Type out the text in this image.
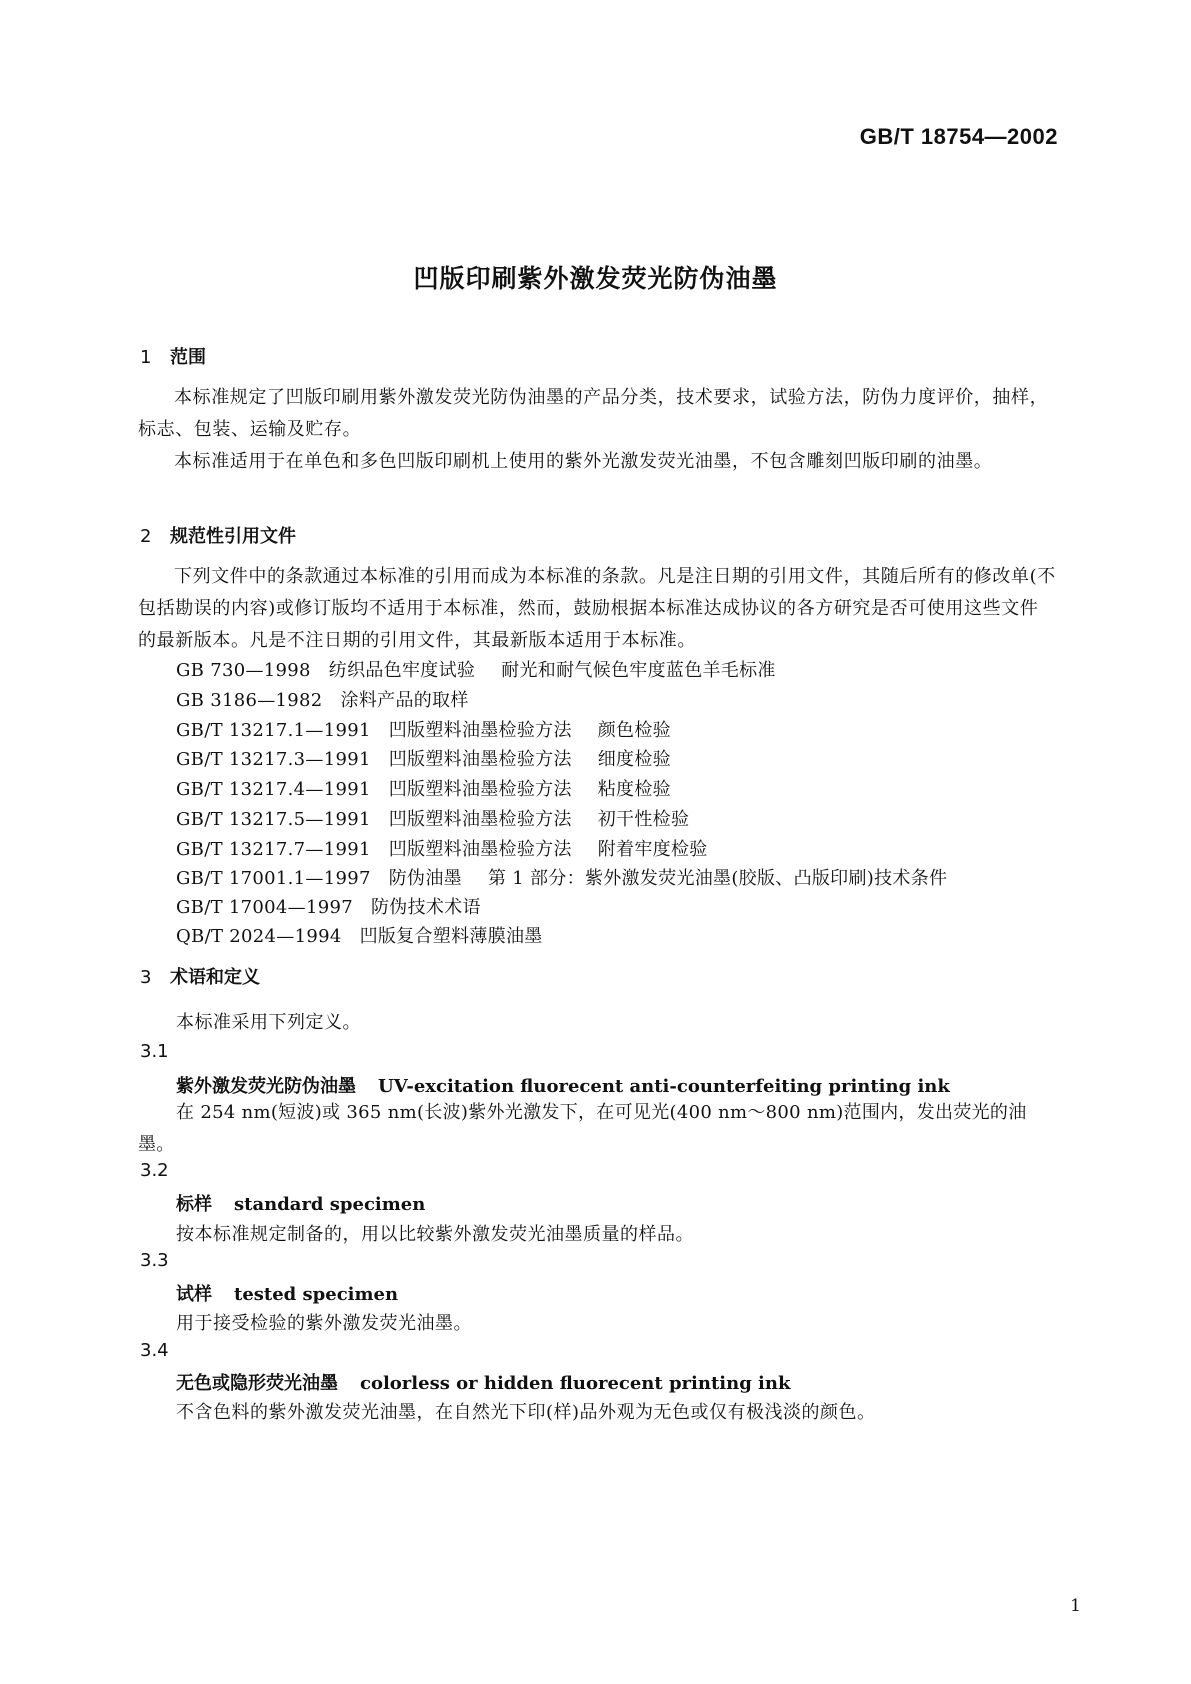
GB/T 18754—2002
凹版印刷紫外激发荧光防伪油墨
1 范围
本标准规定了凹版印刷用紫外激发荧光防伪油墨的产品分类，技术要求，试验方法，防伪力度评价，抽样，标志、包装、运输及贮存。
本标准适用于在单色和多色凹版印刷机上使用的紫外光激发荧光油墨，不包含雕刻凹版印刷的油墨。
2 规范性引用文件
下列文件中的条款通过本标准的引用而成为本标准的条款。凡是注日期的引用文件，其随后所有的修改单(不包括勘误的内容)或修订版均不适用于本标准，然而，鼓励根据本标准达成协议的各方研究是否可使用这些文件的最新版本。凡是不注日期的引用文件，其最新版本适用于本标准。
GB 730—1998 纺织品色牢度试验 耐光和耐气候色牢度蓝色羊毛标准
GB 3186—1982 涂料产品的取样
GB/T 13217.1—1991 凹版塑料油墨检验方法 颜色检验
GB/T 13217.3—1991 凹版塑料油墨检验方法 细度检验
GB/T 13217.4—1991 凹版塑料油墨检验方法 粘度检验
GB/T 13217.5—1991 凹版塑料油墨检验方法 初干性检验
GB/T 13217.7—1991 凹版塑料油墨检验方法 附着牢度检验
GB/T 17001.1—1997 防伪油墨 第 1 部分：紫外激发荧光油墨(胶版、凸版印刷)技术条件
GB/T 17004—1997 防伪技术术语
QB/T 2024—1994 凹版复合塑料薄膜油墨
3 术语和定义
本标准采用下列定义。
3.1
紫外激发荧光防伪油墨 UV-excitation fluorecent anti-counterfeiting printing ink
在 254 nm(短波)或 365 nm(长波)紫外光激发下，在可见光(400 nm～800 nm)范围内，发出荧光的油墨。
3.2
标样 standard specimen
按本标准规定制备的，用以比较紫外激发荧光油墨质量的样品。
3.3
试样 tested specimen
用于接受检验的紫外激发荧光油墨。
3.4
无色或隐形荧光油墨 colorless or hidden fluorecent printing ink
不含色料的紫外激发荧光油墨，在自然光下印(样)品外观为无色或仅有极浅淡的颜色。
1
